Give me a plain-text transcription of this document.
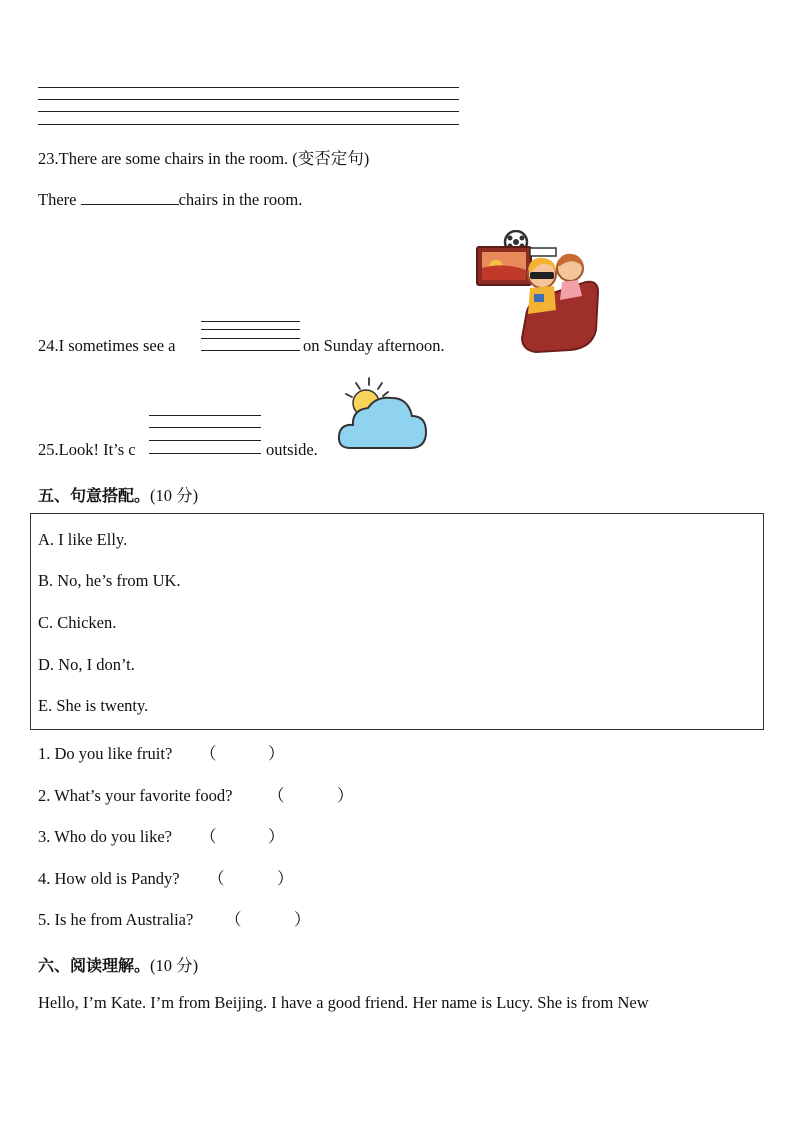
23.There are some chairs in the room. (变否定句)
There	chairs in the room.
24.I sometimes see a	on Sunday afternoon.
25.Look! It’s c	outside.
五、句意搭配。(10 分)
A. I like Elly.
B. No, he’s from UK.
C. Chicken.
D. No, I don’t.
E. She is twenty.
1. Do you like fruit? （	）
2. What’s your favorite food? （	）
3. Who do you like? （	）
4. How old is Pandy? （	）
5. Is he from Australia? （	）
六、阅读理解。(10 分)
Hello, I’m Kate. I’m from Beijing. I have a good friend. Her name is Lucy. She is from New
